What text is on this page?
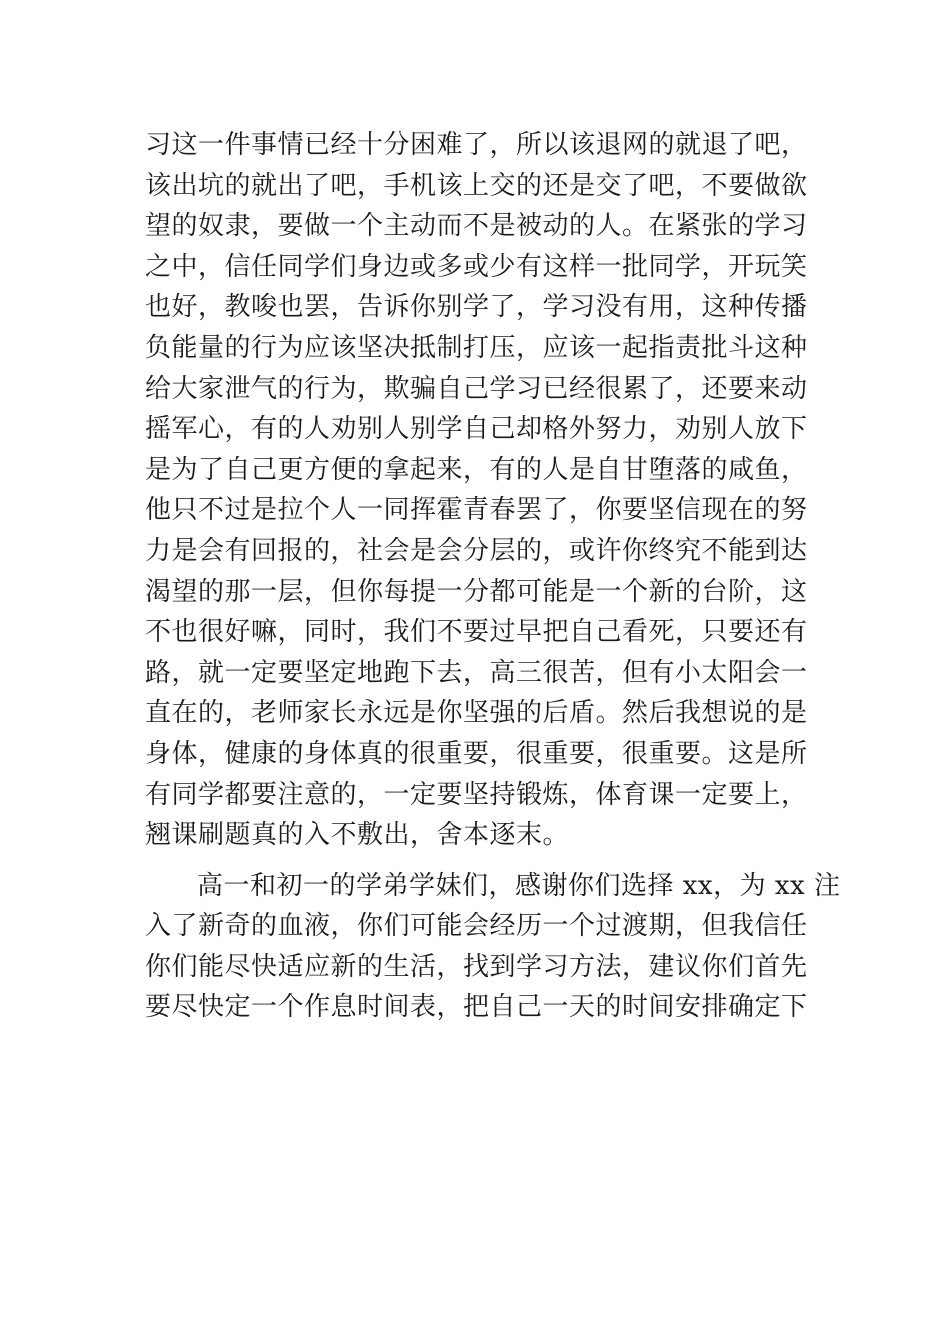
习这一件事情已经十分困难了，所以该退网的就退了吧，
该出坑的就出了吧，手机该上交的还是交了吧，不要做欲
望的奴隶，要做一个主动而不是被动的人。在紧张的学习
之中，信任同学们身边或多或少有这样一批同学，开玩笑
也好，教唆也罢，告诉你别学了，学习没有用，这种传播
负能量的行为应该坚决抵制打压，应该一起指责批斗这种
给大家泄气的行为，欺骗自己学习已经很累了，还要来动
摇军心，有的人劝别人别学自己却格外努力，劝别人放下
是为了自己更方便的拿起来，有的人是自甘堕落的咸鱼，
他只不过是拉个人一同挥霍青春罢了，你要坚信现在的努
力是会有回报的，社会是会分层的，或许你终究不能到达
渴望的那一层，但你每提一分都可能是一个新的台阶，这
不也很好嘛，同时，我们不要过早把自己看死，只要还有
路，就一定要坚定地跑下去，高三很苦，但有小太阳会一
直在的，老师家长永远是你坚强的后盾。然后我想说的是
身体，健康的身体真的很重要，很重要，很重要。这是所
有同学都要注意的，一定要坚持锻炼，体育课一定要上，
翘课刷题真的入不敷出，舍本逐末。
高一和初一的学弟学妹们，感谢你们选择 xx，为 xx 注
入了新奇的血液，你们可能会经历一个过渡期，但我信任
你们能尽快适应新的生活，找到学习方法，建议你们首先
要尽快定一个作息时间表，把自己一天的时间安排确定下
